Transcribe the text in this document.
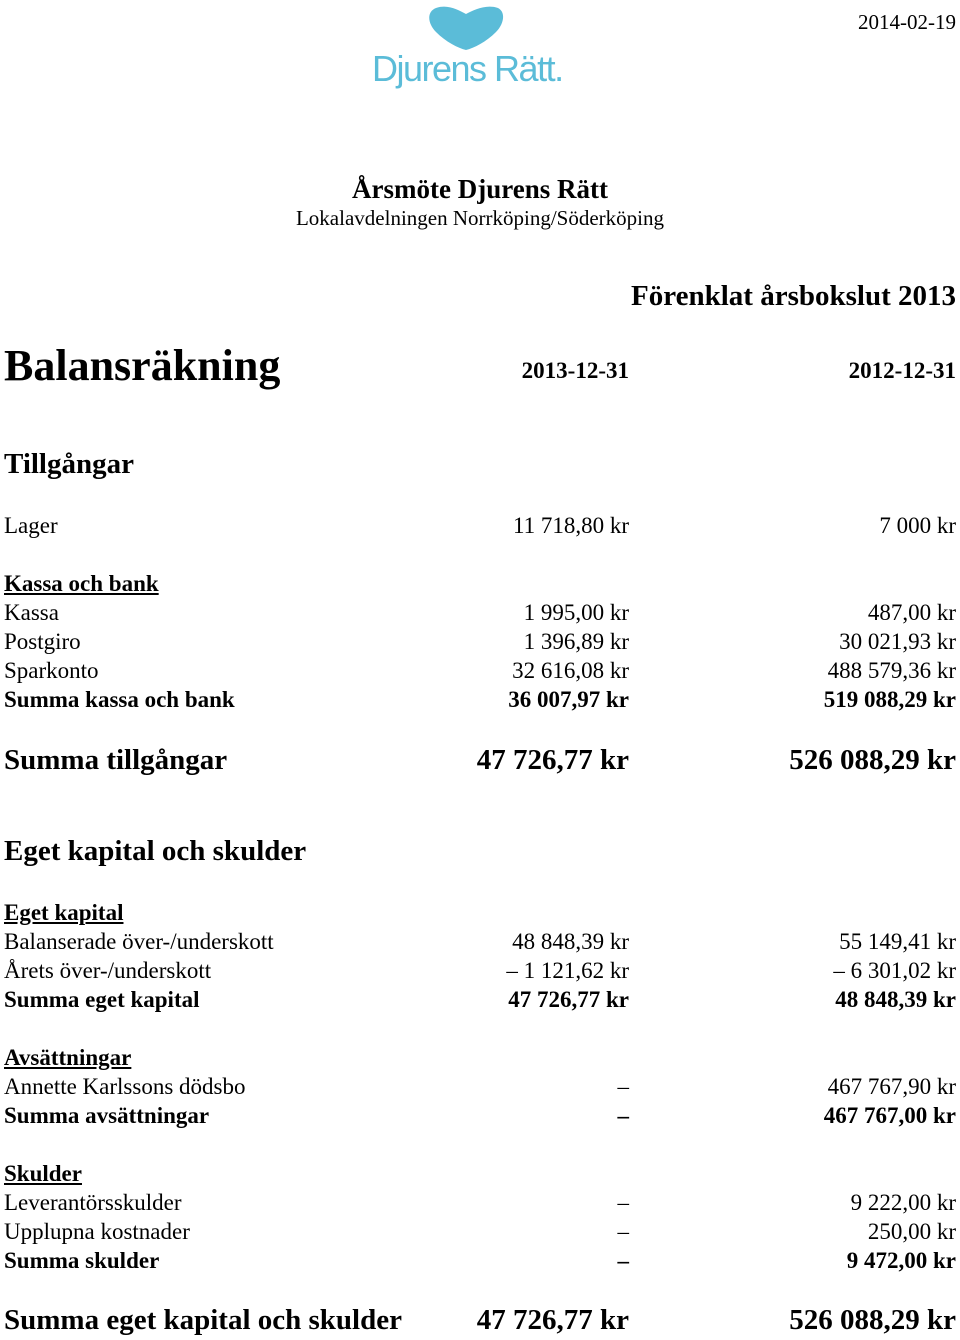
2014-02-19
Djurens Rätt.
Årsmöte Djurens Rätt
Lokalavdelningen Norrköping/Söderköping
Förenklat årsbokslut 2013
Balansräkning	2013-12-31	2012-12-31
Tillgångar
Lager	11 718,80 kr	7 000 kr
Kassa och bank
Kassa	1 995,00 kr	487,00 kr
Postgiro	1 396,89 kr	30 021,93 kr
Sparkonto	32 616,08 kr	488 579,36 kr
Summa kassa och bank	36 007,97 kr	519 088,29 kr
Summa tillgångar	47 726,77 kr	526 088,29 kr
Eget kapital och skulder
Eget kapital
Balanserade över-/underskott	48 848,39 kr	55 149,41 kr
Årets över-/underskott	– 1 121,62 kr	– 6 301,02 kr
Summa eget kapital	47 726,77 kr	48 848,39 kr
Avsättningar
Annette Karlssons dödsbo	–	467 767,90 kr
Summa avsättningar	–	467 767,00 kr
Skulder
Leverantörsskulder	–	9 222,00 kr
Upplupna kostnader	–	250,00 kr
Summa skulder	–	9 472,00 kr
Summa eget kapital och skulder	47 726,77 kr	526 088,29 kr
